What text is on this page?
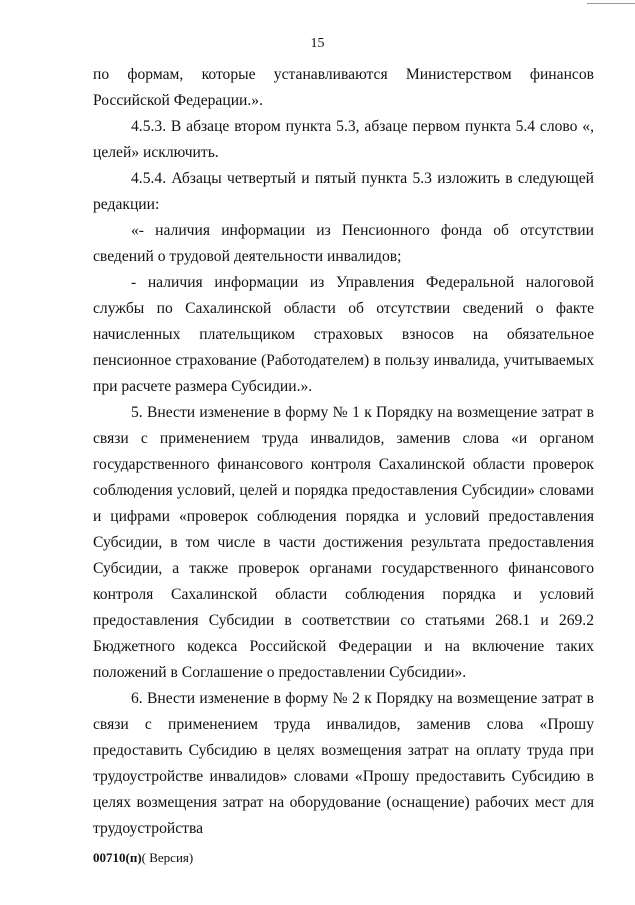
15

по формам, которые устанавливаются Министерством финансов Российской Федерации.».

4.5.3. В абзаце втором пункта 5.3, абзаце первом пункта 5.4 слово «, целей» исключить.

4.5.4. Абзацы четвертый и пятый пункта 5.3 изложить в следующей редакции:

«- наличия информации из Пенсионного фонда об отсутствии сведений о трудовой деятельности инвалидов;

- наличия информации из Управления Федеральной налоговой службы по Сахалинской области об отсутствии сведений о факте начисленных плательщиком страховых взносов на обязательное пенсионное страхование (Работодателем) в пользу инвалида, учитываемых при расчете размера Субсидии.».

5. Внести изменение в форму № 1 к Порядку на возмещение затрат в связи с применением труда инвалидов, заменив слова «и органом государственного финансового контроля Сахалинской области проверок соблюдения условий, целей и порядка предоставления Субсидии» словами и цифрами «проверок соблюдения порядка и условий предоставления Субсидии, в том числе в части достижения результата предоставления Субсидии, а также проверок органами государственного финансового контроля Сахалинской области соблюдения порядка и условий предоставления Субсидии в соответствии со статьями 268.1 и 269.2 Бюджетного кодекса Российской Федерации и на включение таких положений в Соглашение о предоставлении Субсидии».

6. Внести изменение в форму № 2 к Порядку на возмещение затрат в связи с применением труда инвалидов, заменив слова «Прошу предоставить Субсидию в целях возмещения затрат на оплату труда при трудоустройстве инвалидов» словами «Прошу предоставить Субсидию в целях возмещения затрат на оборудование (оснащение) рабочих мест для трудоустройства

00710(п)( Версия)
